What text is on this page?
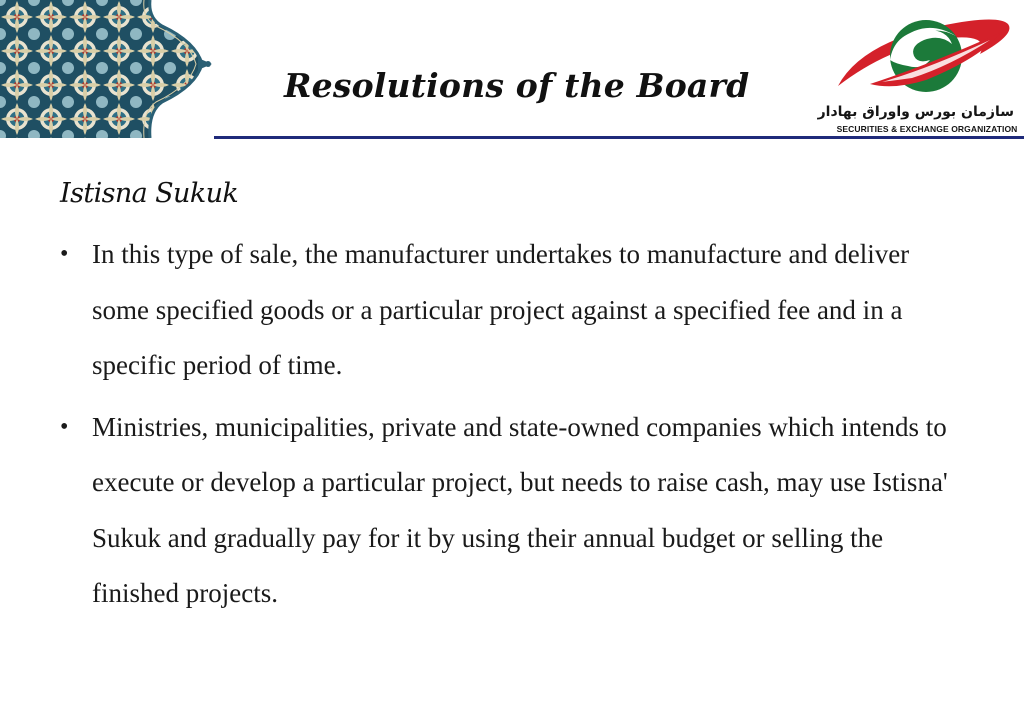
Resolutions of the Board
سازمان بورس واوراق بهادار
SECURITIES & EXCHANGE ORGANIZATION
Istisna Sukuk
• In this type of sale, the manufacturer undertakes to manufacture and deliver some specified goods or a particular project against a specified fee and in a specific period of time.
• Ministries, municipalities, private and state-owned companies which intends to execute or develop a particular project, but needs to raise cash, may use Istisna' Sukuk and gradually pay for it by using their annual budget or selling the finished projects.
